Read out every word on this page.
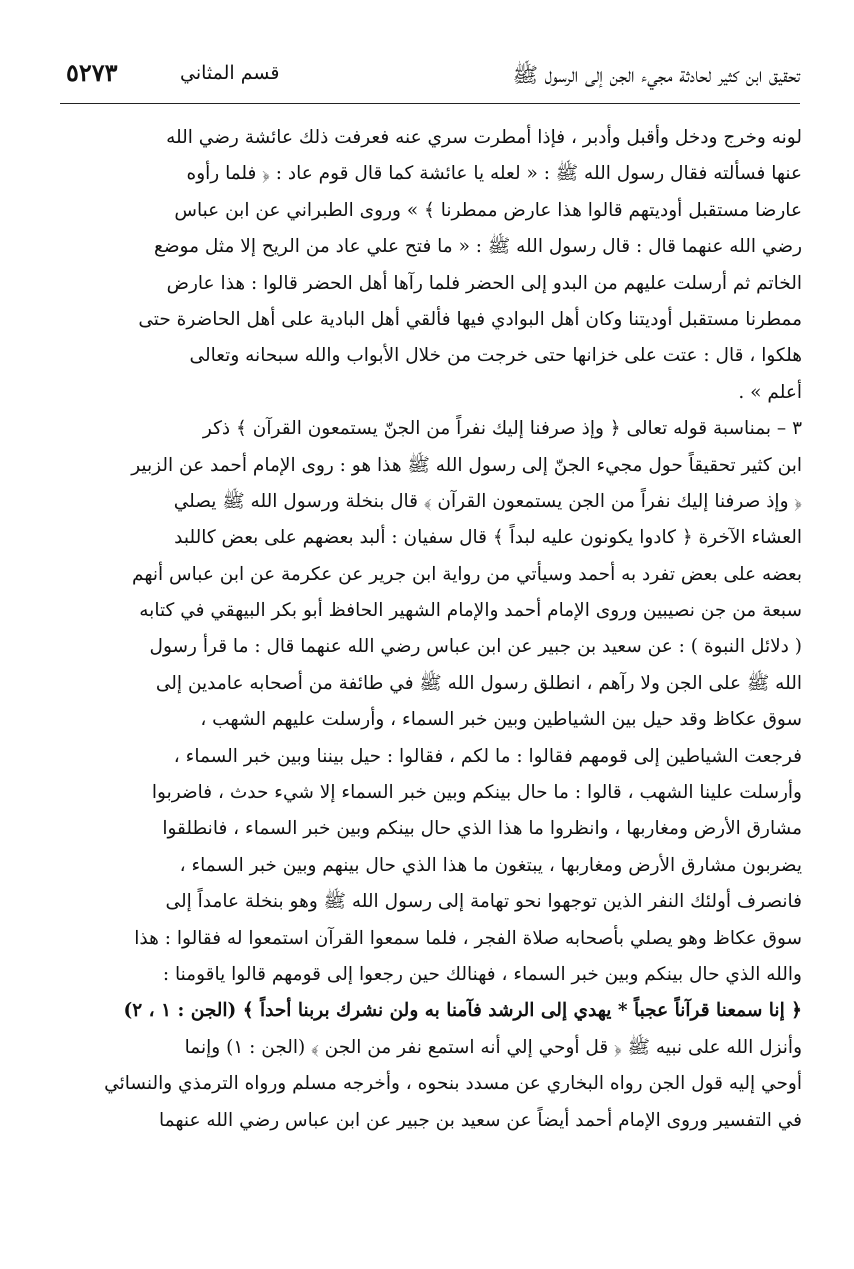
تحقيق ابن كثير لحادثة مجيء الجن إلى الرسول ﷺ
قسم المثاني
٥٢٧٣
لونه وخرج ودخل وأقبل وأدبر ، فإذا أمطرت سري عنه فعرفت ذلك عائشة رضي الله
عنها فسألته فقال رسول الله ﷺ : « لعله يا عائشة كما قال قوم عاد : ﴿ فلما رأوه
عارضا مستقبل أوديتهم قالوا هذا عارض ممطرنا ﴾ » وروى الطبراني عن ابن عباس
رضي الله عنهما قال : قال رسول الله ﷺ : « ما فتح علي عاد من الريح إلا مثل موضع
الخاتم ثم أرسلت عليهم من البدو إلى الحضر فلما رآها أهل الحضر قالوا : هذا عارض
ممطرنا مستقبل أوديتنا وكان أهل البوادي فيها فألقي أهل البادية على أهل الحاضرة حتى
هلكوا ، قال : عتت على خزانها حتى خرجت من خلال الأبواب والله سبحانه وتعالى
أعلم » .
٣ – بمناسبة قوله تعالى ﴿ وإذ صرفنا إليك نفراً من الجنّ يستمعون القرآن ﴾ ذكر
ابن كثير تحقيقاً حول مجيء الجنّ إلى رسول الله ﷺ هذا هو : روى الإمام أحمد عن الزبير
﴿ وإذ صرفنا إليك نفراً من الجن يستمعون القرآن ﴾ قال بنخلة ورسول الله ﷺ يصلي
العشاء الآخرة ﴿ كادوا يكونون عليه لبداً ﴾ قال سفيان : ألبد بعضهم على بعض كاللبد
بعضه على بعض تفرد به أحمد وسيأتي من رواية ابن جرير عن عكرمة عن ابن عباس أنهم
سبعة من جن نصيبين وروى الإمام أحمد والإمام الشهير الحافظ أبو بكر البيهقي في كتابه
( دلائل النبوة ) : عن سعيد بن جبير عن ابن عباس رضي الله عنهما قال : ما قرأ رسول
الله ﷺ على الجن ولا رآهم ، انطلق رسول الله ﷺ في طائفة من أصحابه عامدين إلى
سوق عكاظ وقد حيل بين الشياطين وبين خبر السماء ، وأرسلت عليهم الشهب ،
فرجعت الشياطين إلى قومهم فقالوا : ما لكم ، فقالوا : حيل بيننا وبين خبر السماء ،
وأرسلت علينا الشهب ، قالوا : ما حال بينكم وبين خبر السماء إلا شيء حدث ، فاضربوا
مشارق الأرض ومغاربها ، وانظروا ما هذا الذي حال بينكم وبين خبر السماء ، فانطلقوا
يضربون مشارق الأرض ومغاربها ، يبتغون ما هذا الذي حال بينهم وبين خبر السماء ،
فانصرف أولئك النفر الذين توجهوا نحو تهامة إلى رسول الله ﷺ وهو بنخلة عامداً إلى
سوق عكاظ وهو يصلي بأصحابه صلاة الفجر ، فلما سمعوا القرآن استمعوا له فقالوا : هذا
والله الذي حال بينكم وبين خبر السماء ، فهنالك حين رجعوا إلى قومهم قالوا ياقومنا :
﴿ إنا سمعنا قرآناً عجباً * يهدي إلى الرشد فآمنا به ولن نشرك بربنا أحداً ﴾ (الجن : ١ ، ٢)
وأنزل الله على نبيه ﷺ ﴿ قل أوحي إلي أنه استمع نفر من الجن ﴾ (الجن : ١) وإنما
أوحي إليه قول الجن رواه البخاري عن مسدد بنحوه ، وأخرجه مسلم ورواه الترمذي والنسائي
في التفسير وروى الإمام أحمد أيضاً عن سعيد بن جبير عن ابن عباس رضي الله عنهما
